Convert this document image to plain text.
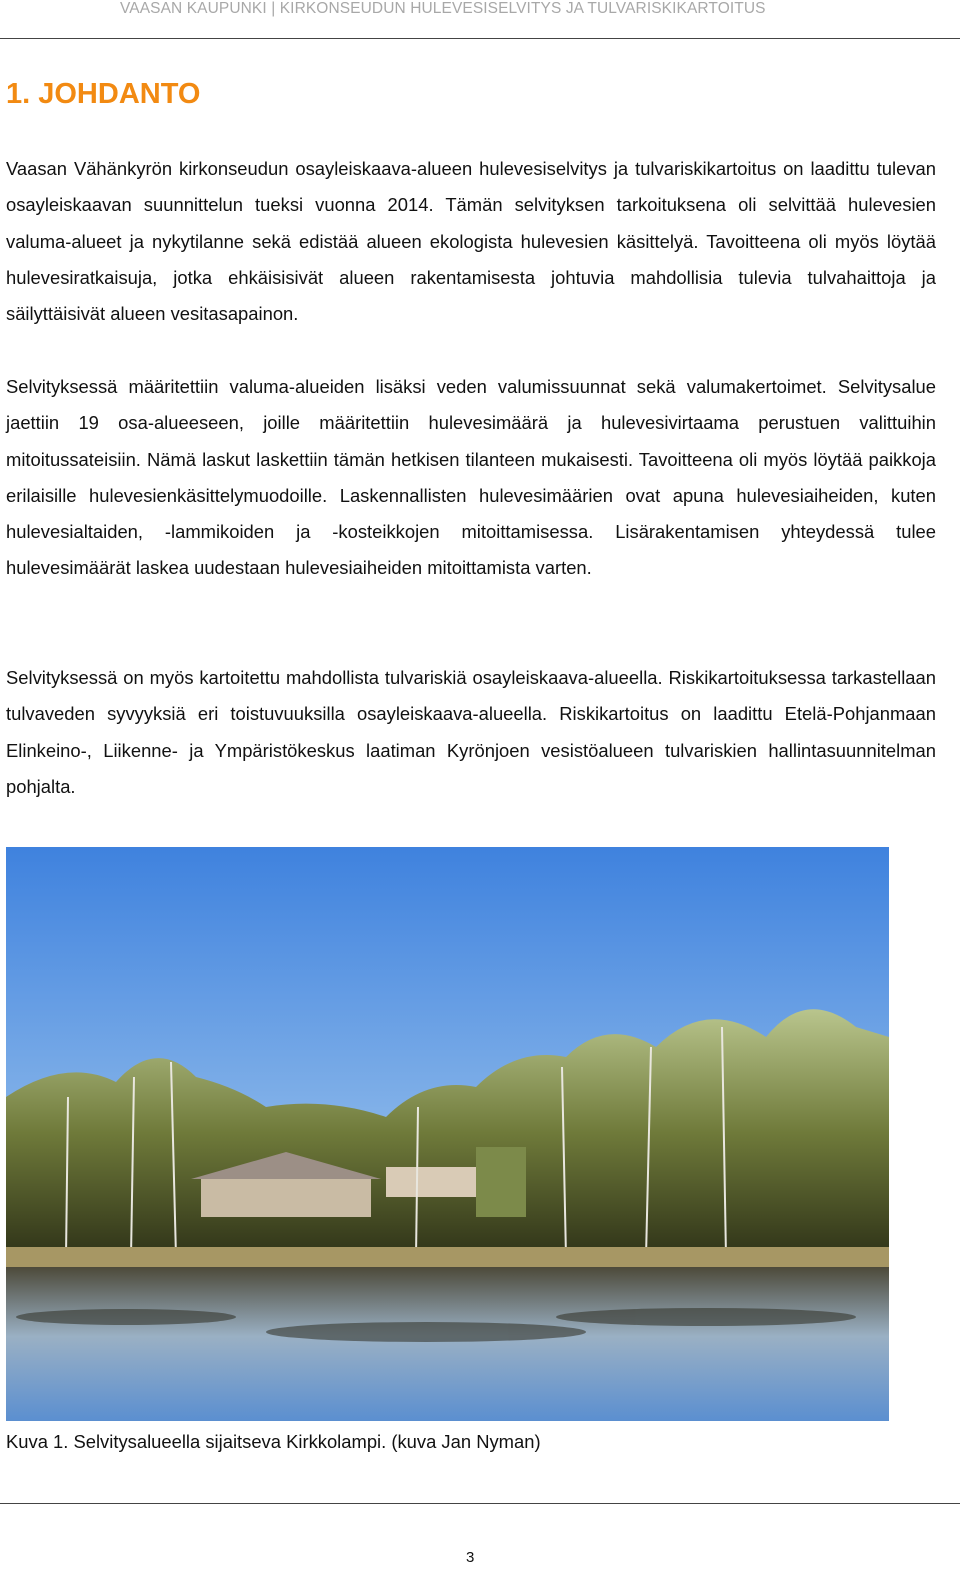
VAASAN KAUPUNKI | KIRKONSEUDUN HULEVESISELVITYS JA TULVARISKIKARTOITUS
1. JOHDANTO

Vaasan Vähänkyrön kirkonseudun osayleiskaava-alueen hulevesiselvitys ja tulvariskikartoitus on laadittu tulevan osayleiskaavan suunnittelun tueksi vuonna 2014. Tämän selvityksen tarkoituksena oli selvittää hulevesien valuma-alueet ja nykytilanne sekä edistää alueen ekologista hulevesien käsittelyä. Tavoitteena oli myös löytää hulevesiratkaisuja, jotka ehkäisisivät alueen rakentamisesta johtuvia mahdollisia tulevia tulvahaittoja ja säilyttäisivät alueen vesitasapainon.

Selvityksessä määritettiin valuma-alueiden lisäksi veden valumissuunnat sekä valumakertoimet. Selvitysalue jaettiin 19 osa-alueeseen, joille määritettiin hulevesimäärä ja hulevesivirtaama perustuen valittuihin mitoitussateisiin. Nämä laskut laskettiin tämän hetkisen tilanteen mukaisesti. Tavoitteena oli myös löytää paikkoja erilaisille hulevesienkäsittelymuodoille. Laskennallisten hulevesimäärien ovat apuna hulevesiaiheiden, kuten hulevesialtaiden, -lammikoiden ja -kosteikkojen mitoittamisessa. Lisärakentamisen yhteydessä tulee hulevesimäärät laskea uudestaan hulevesiaiheiden mitoittamista varten.

Selvityksessä on myös kartoitettu mahdollista tulvariskiä osayleiskaava-alueella. Riskikartoituksessa tarkastellaan tulvaveden syvyyksiä eri toistuvuuksilla osayleiskaava-alueella. Riskikartoitus on laadittu Etelä-Pohjanmaan Elinkeino-, Liikenne- ja Ympäristökeskus laatiman Kyrönjoen vesistöalueen tulvariskien hallintasuunnitelman pohjalta.

Kuva 1. Selvitysalueella sijaitseva Kirkkolampi. (kuva Jan Nyman)
3
